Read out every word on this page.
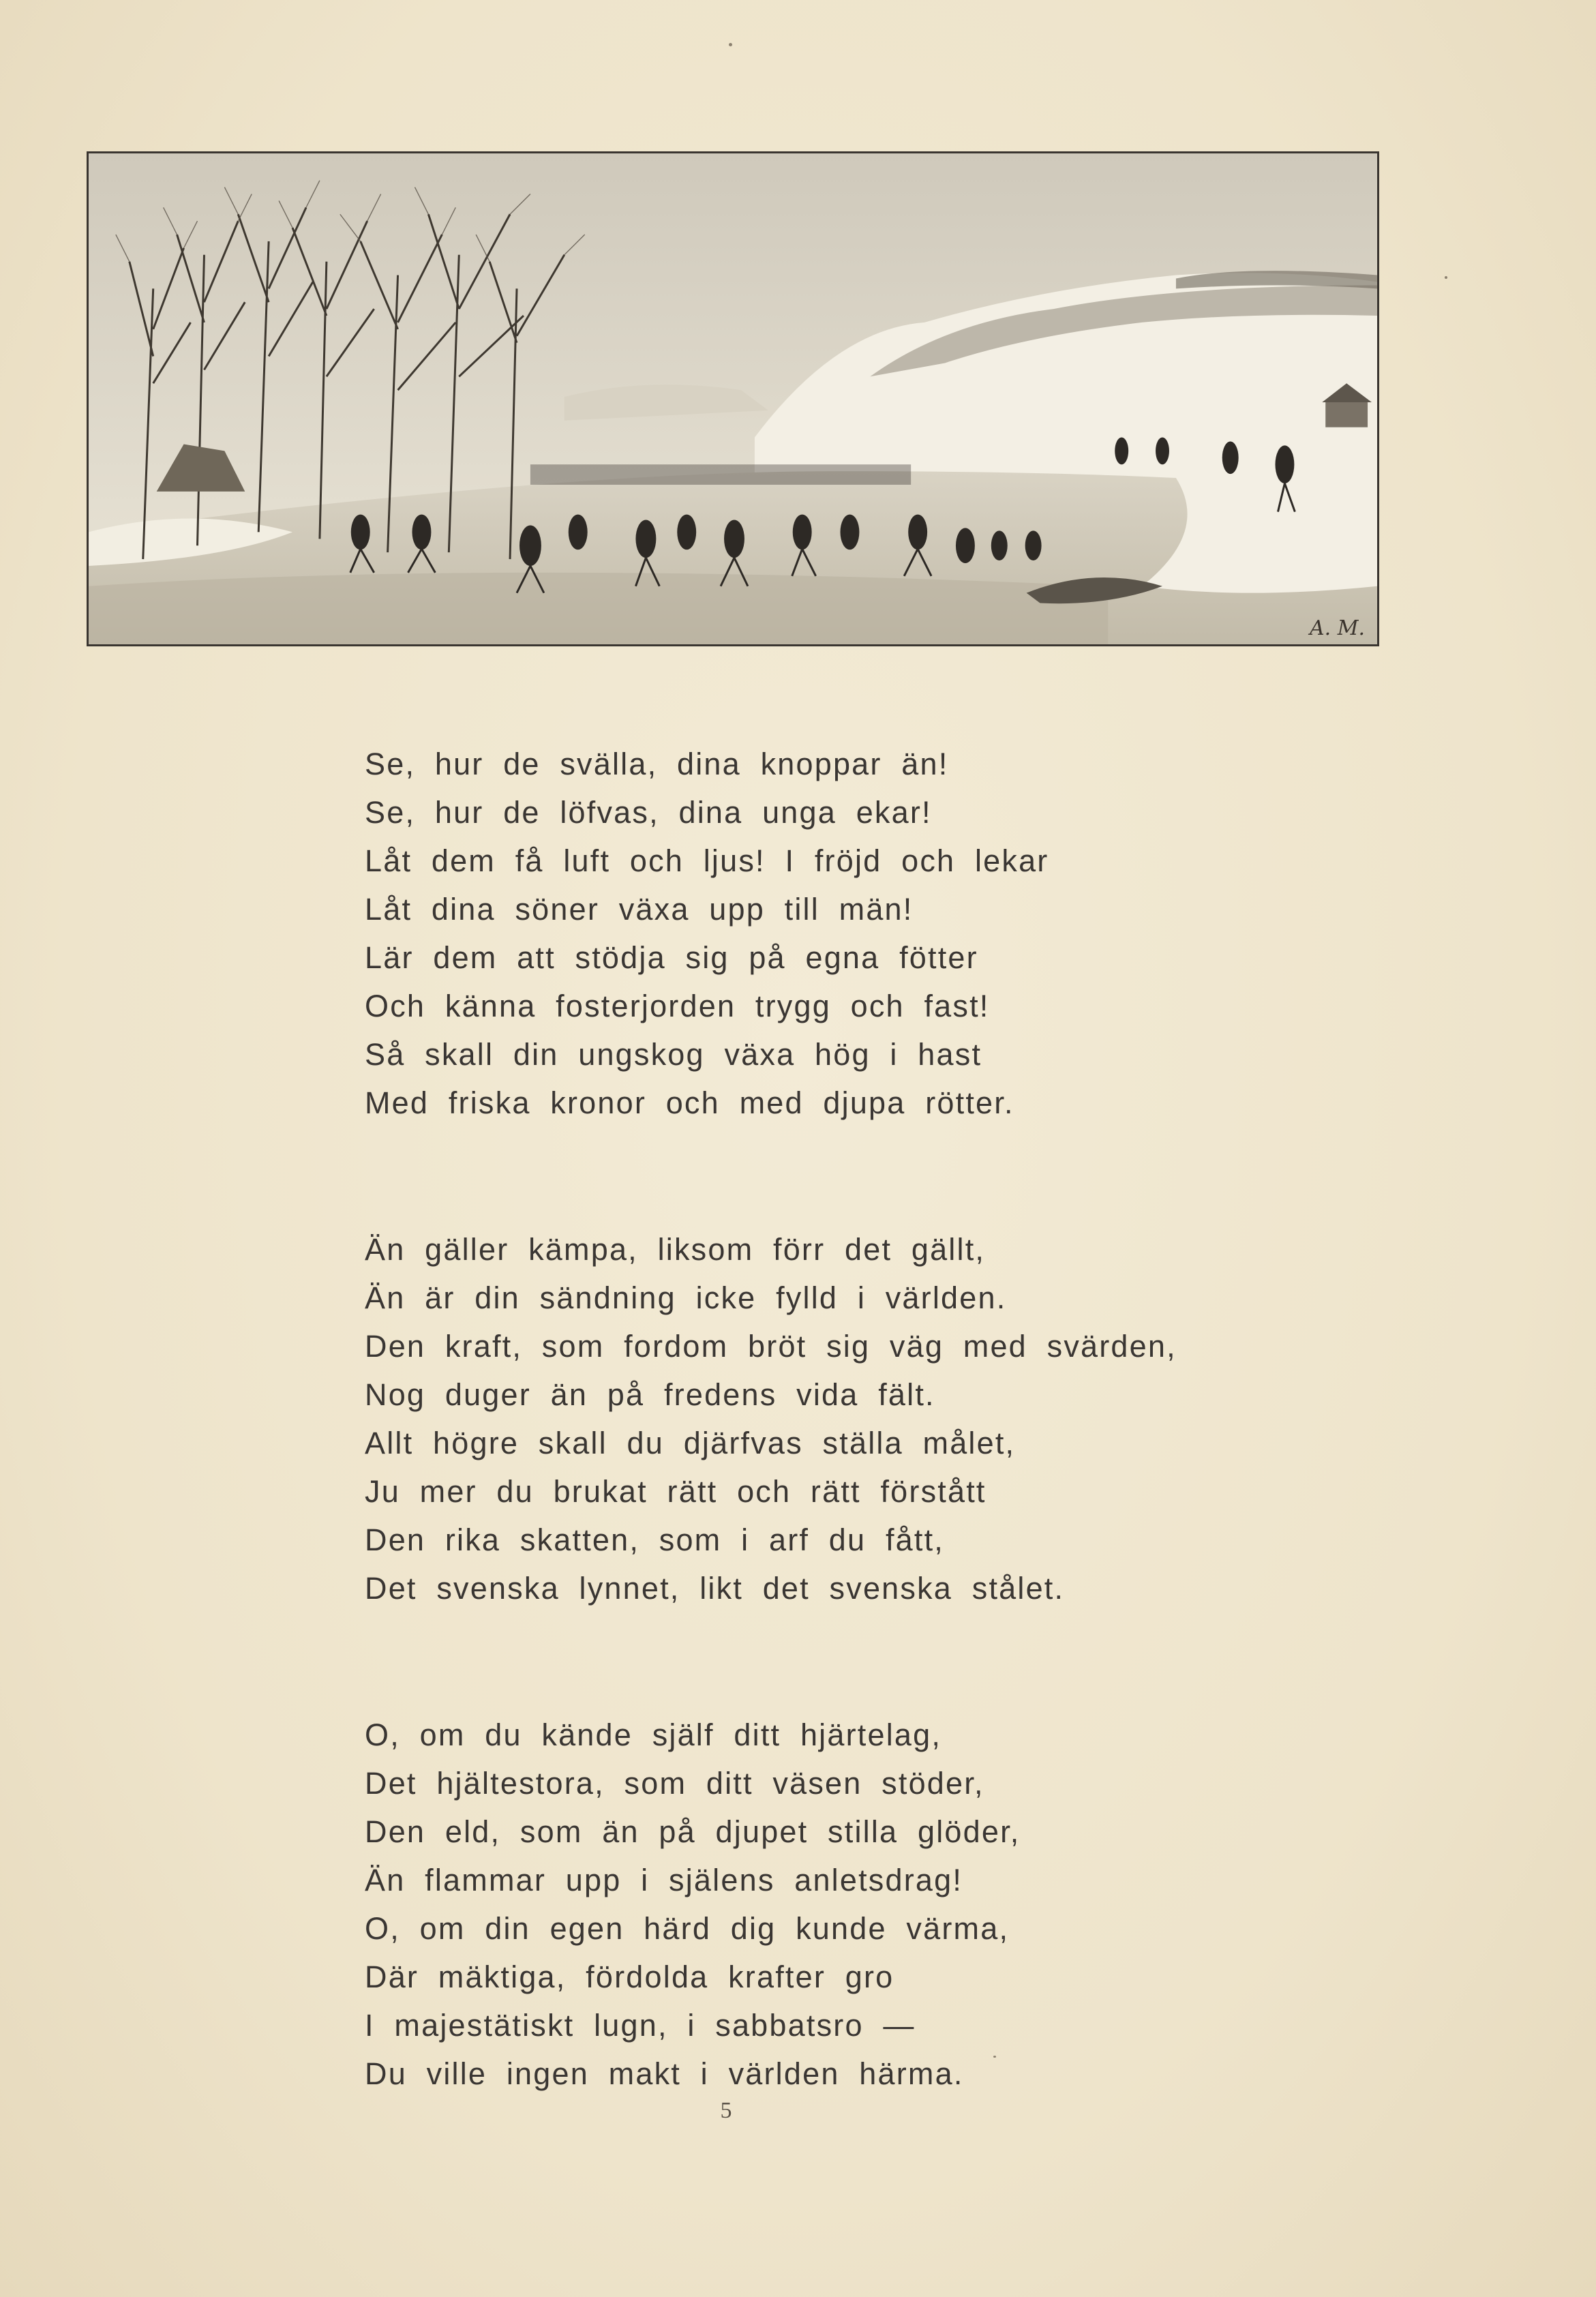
A. M.
Se, hur de svälla, dina knoppar än!
Se, hur de löfvas, dina unga ekar!
Låt dem få luft och ljus! I fröjd och lekar
Låt dina söner växa upp till män!
Lär dem att stödja sig på egna fötter
Och känna fosterjorden trygg och fast!
Så skall din ungskog växa hög i hast
Med friska kronor och med djupa rötter.
Än gäller kämpa, liksom förr det gällt,
Än är din sändning icke fylld i världen.
Den kraft, som fordom bröt sig väg med svärden,
Nog duger än på fredens vida fält.
Allt högre skall du djärfvas ställa målet,
Ju mer du brukat rätt och rätt förstått
Den rika skatten, som i arf du fått,
Det svenska lynnet, likt det svenska stålet.
O, om du kände själf ditt hjärtelag,
Det hjältestora, som ditt väsen stöder,
Den eld, som än på djupet stilla glöder,
Än flammar upp i själens anletsdrag!
O, om din egen härd dig kunde värma,
Där mäktiga, fördolda krafter gro
I majestätiskt lugn, i sabbatsro —
Du ville ingen makt i världen härma.
5
